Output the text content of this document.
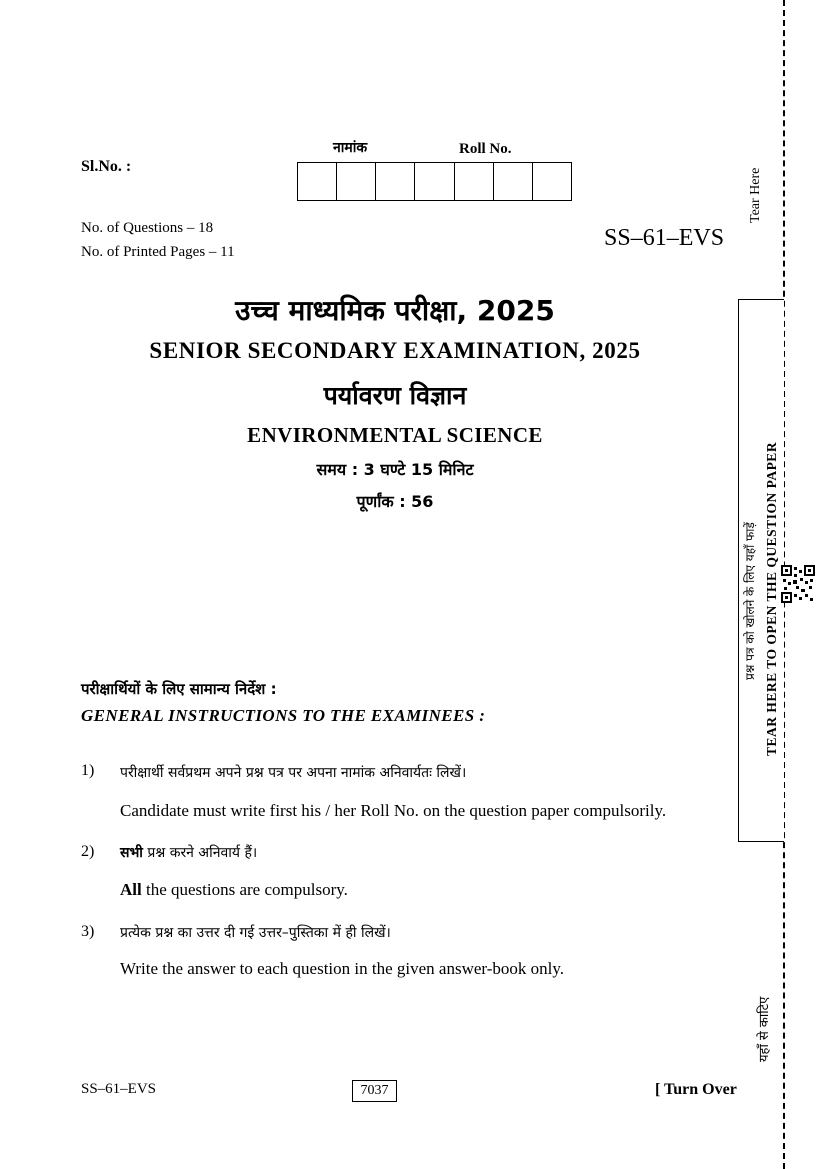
Sl.No. :
नामांक	Roll No.
No. of Questions – 18
No. of Printed Pages – 11
SS–61–EVS
उच्च माध्यमिक परीक्षा, 2025
SENIOR SECONDARY EXAMINATION, 2025
पर्यावरण विज्ञान
ENVIRONMENTAL SCIENCE
समय : 3 घण्टे 15 मिनिट
पूर्णांक : 56
परीक्षार्थियों के लिए सामान्य निर्देश :
GENERAL INSTRUCTIONS TO THE EXAMINEES :
1) परीक्षार्थी सर्वप्रथम अपने प्रश्न पत्र पर अपना नामांक अनिवार्यतः लिखें।
Candidate must write first his / her Roll No. on the question paper compulsorily.
2) सभी प्रश्न करने अनिवार्य हैं।
All the questions are compulsory.
3) प्रत्येक प्रश्न का उत्तर दी गई उत्तर–पुस्तिका में ही लिखें।
Write the answer to each question in the given answer-book only.
SS–61–EVS	7037	[ Turn Over
Tear Here
प्रश्न पत्र को खोलने के लिए यहाँ फाड़ें TEAR HERE TO OPEN THE QUESTION PAPER
यहाँ से काटिए
